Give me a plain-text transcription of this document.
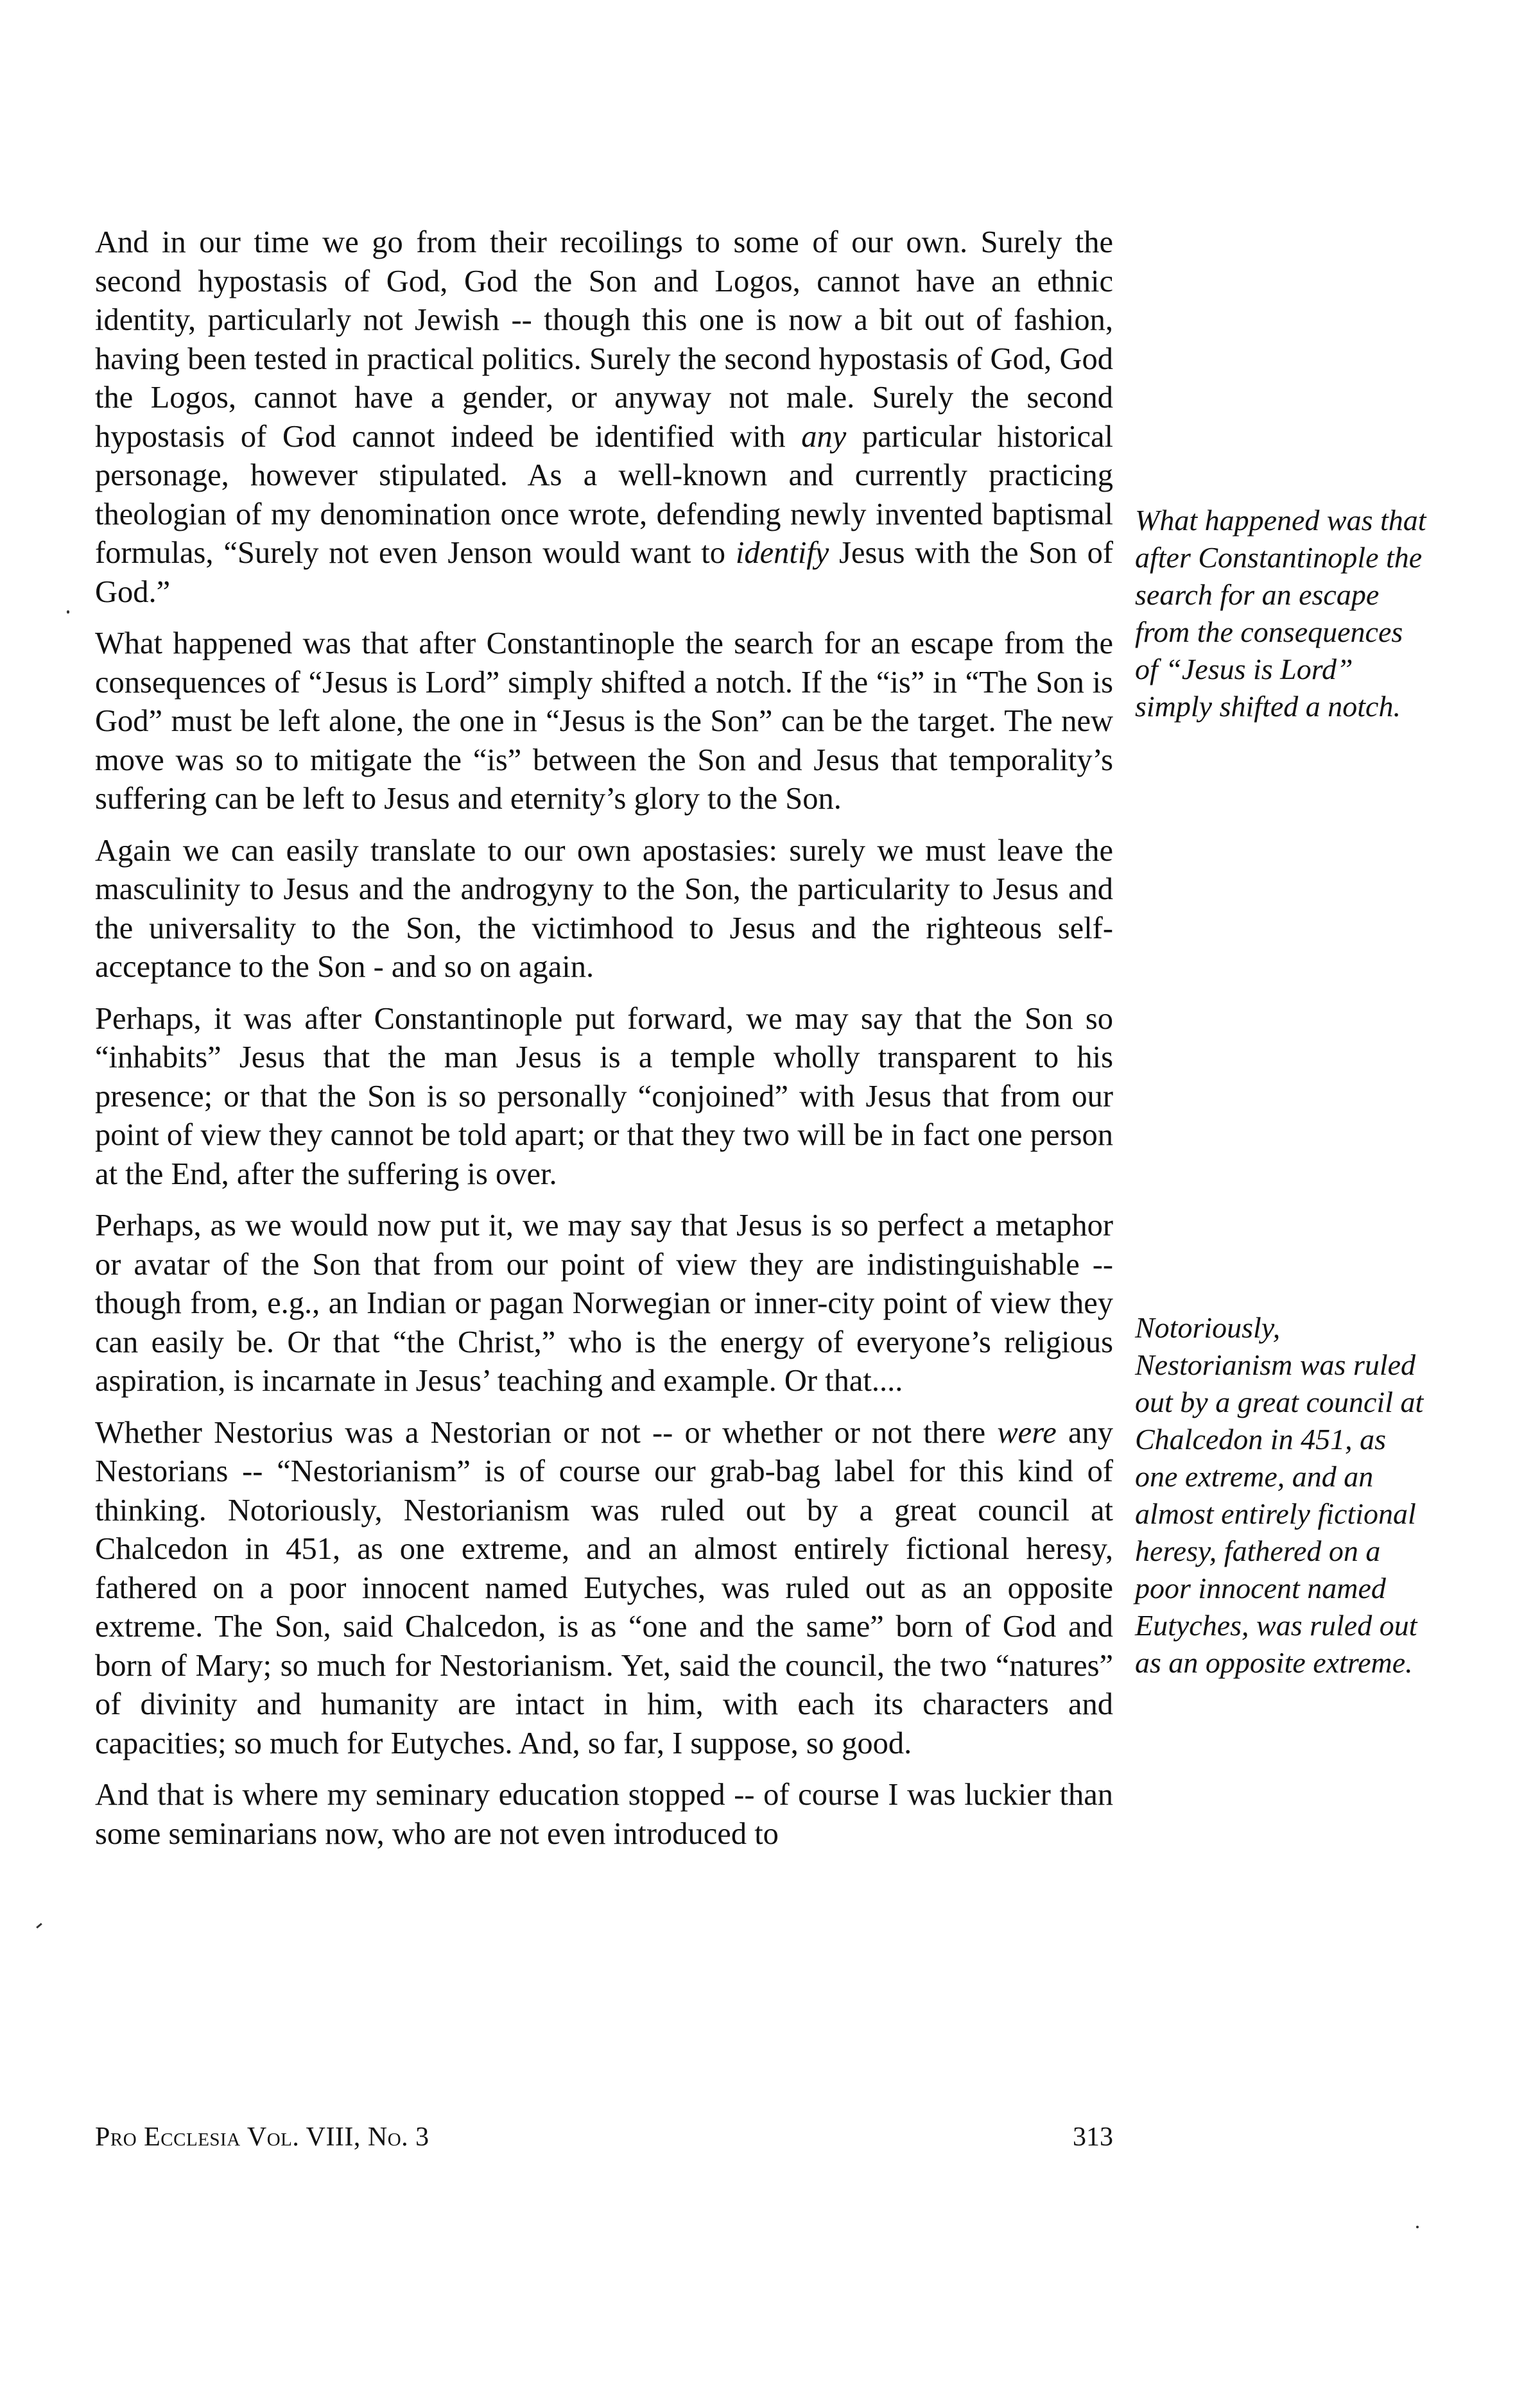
And in our time we go from their recoilings to some of our own. Surely the second hypostasis of God, God the Son and Logos, cannot have an ethnic identity, particularly not Jewish -- though this one is now a bit out of fashion, having been tested in practical politics. Surely the second hypostasis of God, God the Logos, cannot have a gender, or anyway not male. Surely the second hypostasis of God cannot indeed be identified with any particular historical personage, however stipulated. As a well-known and currently practicing theologian of my denomination once wrote, defending newly invented baptismal formulas, “Surely not even Jenson would want to identify Jesus with the Son of God.”

What happened was that after Constantinople the search for an escape from the consequences of “Jesus is Lord” simply shifted a notch. If the “is” in “The Son is God” must be left alone, the one in “Jesus is the Son” can be the target. The new move was so to mitigate the “is” between the Son and Jesus that temporality’s suffering can be left to Jesus and eternity’s glory to the Son.

Again we can easily translate to our own apostasies: surely we must leave the masculinity to Jesus and the androgyny to the Son, the particularity to Jesus and the universality to the Son, the victimhood to Jesus and the righteous self-acceptance to the Son - and so on again.

Perhaps, it was after Constantinople put forward, we may say that the Son so “inhabits” Jesus that the man Jesus is a temple wholly transparent to his presence; or that the Son is so personally “conjoined” with Jesus that from our point of view they cannot be told apart; or that they two will be in fact one person at the End, after the suffering is over.

Perhaps, as we would now put it, we may say that Jesus is so perfect a metaphor or avatar of the Son that from our point of view they are indistinguishable -- though from, e.g., an Indian or pagan Norwegian or inner-city point of view they can easily be. Or that “the Christ,” who is the energy of everyone’s religious aspiration, is incarnate in Jesus’ teaching and example. Or that....

Whether Nestorius was a Nestorian or not -- or whether or not there were any Nestorians -- “Nestorianism” is of course our grab-bag label for this kind of thinking. Notoriously, Nestorianism was ruled out by a great council at Chalcedon in 451, as one extreme, and an almost entirely fictional heresy, fathered on a poor innocent named Eutyches, was ruled out as an opposite extreme. The Son, said Chalcedon, is as “one and the same” born of God and born of Mary; so much for Nestorianism. Yet, said the council, the two “natures” of divinity and humanity are intact in him, with each its characters and capacities; so much for Eutyches. And, so far, I suppose, so good.

And that is where my seminary education stopped -- of course I was luckier than some seminarians now, who are not even introduced to

What happened was that after Constantinople the search for an escape from the consequences of “Jesus is Lord” simply shifted a notch.

Notoriously, Nestorianism was ruled out by a great council at Chalcedon in 451, as one extreme, and an almost entirely fictional heresy, fathered on a poor innocent named Eutyches, was ruled out as an opposite extreme.

Pro Ecclesia Vol. VIII, No. 3	313
